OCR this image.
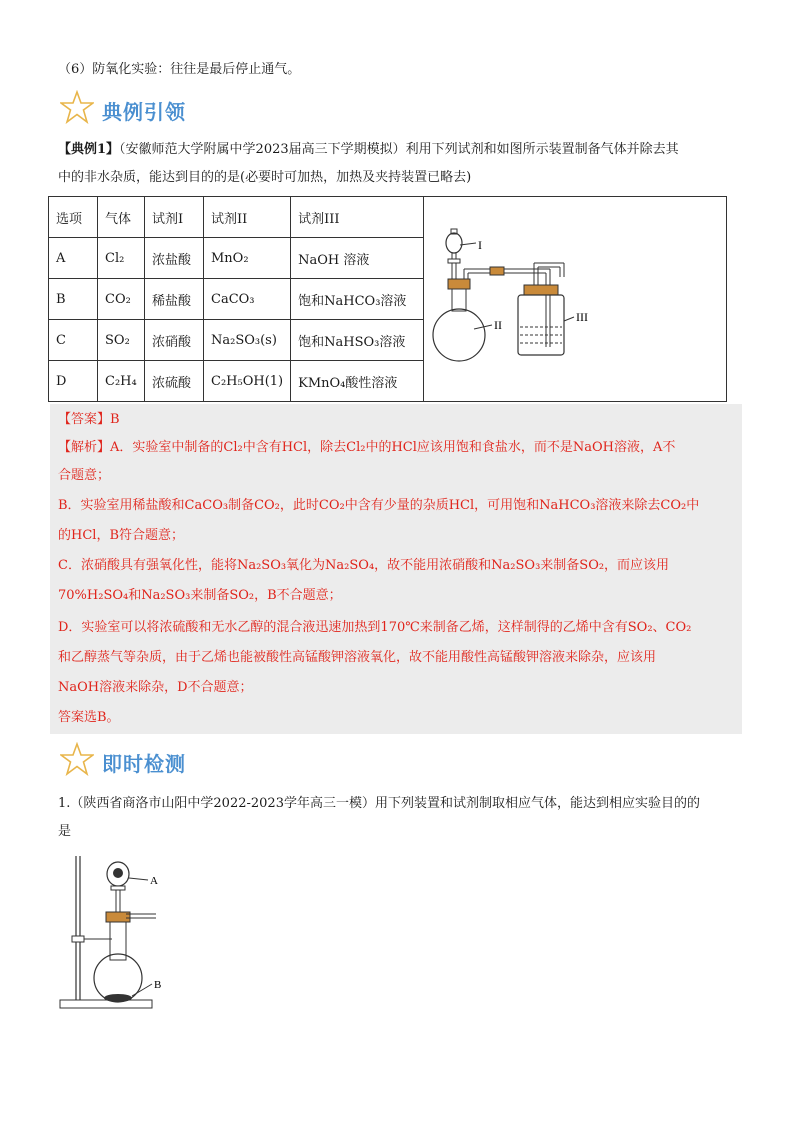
（6）防氧化实验：往往是最后停止通气。
典例引领
【典例1】（安徽师范大学附属中学2023届高三下学期模拟）利用下列试剂和如图所示装置制备气体并除去其
中的非水杂质，能达到目的的是(必要时可加热，加热及夹持装置已略去)
选项	气体	试剂I	试剂II	试剂III	I
II
III

A	Cl₂	浓盐酸	MnO₂	NaOH 溶液	
B	CO₂	稀盐酸	CaCO₃	饱和NaHCO₃溶液	
C	SO₂	浓硝酸	Na₂SO₃(s)	饱和NaHSO₃溶液	
D	C₂H₄	浓硫酸	C₂H₅OH(1)	KMnO₄酸性溶液	
【答案】B
【解析】A．实验室中制备的Cl₂中含有HCl，除去Cl₂中的HCl应该用饱和食盐水，而不是NaOH溶液，A不
合题意；
B．实验室用稀盐酸和CaCO₃制备CO₂，此时CO₂中含有少量的杂质HCl，可用饱和NaHCO₃溶液来除去CO₂中
的HCl，B符合题意；
C．浓硝酸具有强氧化性，能将Na₂SO₃氧化为Na₂SO₄，故不能用浓硝酸和Na₂SO₃来制备SO₂，而应该用
70%H₂SO₄和Na₂SO₃来制备SO₂，B不合题意；
D．实验室可以将浓硫酸和无水乙醇的混合液迅速加热到170℃来制备乙烯，这样制得的乙烯中含有SO₂、CO₂
和乙醇蒸气等杂质，由于乙烯也能被酸性高锰酸钾溶液氧化，故不能用酸性高锰酸钾溶液来除杂，应该用
NaOH溶液来除杂，D不合题意；
答案选B。
即时检测
1.（陕西省商洛市山阳中学2022-2023学年高三一模）用下列装置和试剂制取相应气体，能达到相应实验目的的
是
A
B
